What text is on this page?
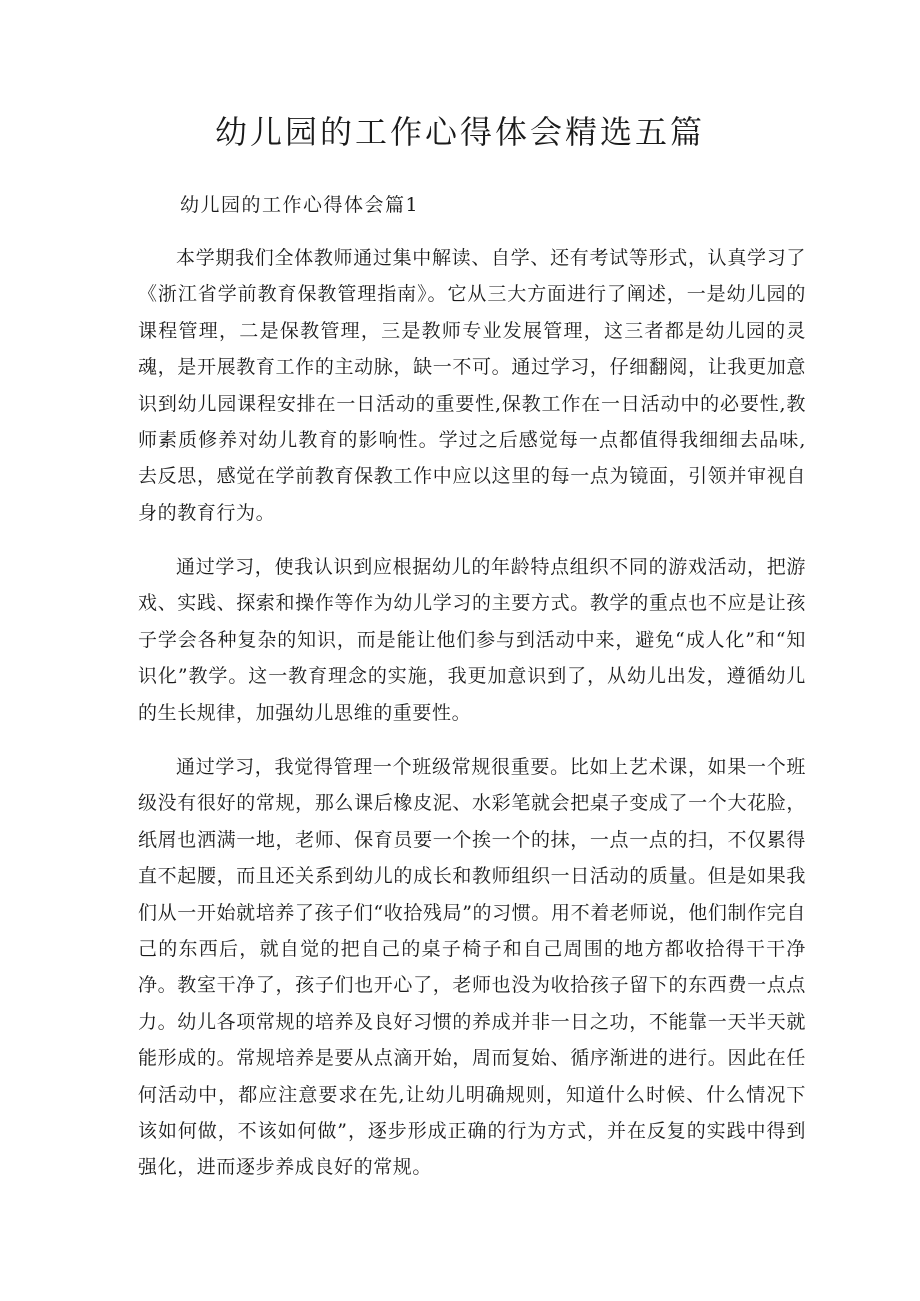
幼儿园的工作心得体会精选五篇
幼儿园的工作心得体会篇1

本学期我们全体教师通过集中解读、自学、还有考试等形式，认真学习了《浙江省学前教育保教管理指南》。它从三大方面进行了阐述，一是幼儿园的课程管理，二是保教管理，三是教师专业发展管理，这三者都是幼儿园的灵魂，是开展教育工作的主动脉，缺一不可。通过学习，仔细翻阅，让我更加意识到幼儿园课程安排在一日活动的重要性,保教工作在一日活动中的必要性,教师素质修养对幼儿教育的影响性。学过之后感觉每一点都值得我细细去品味,去反思，感觉在学前教育保教工作中应以这里的每一点为镜面，引领并审视自身的教育行为。

通过学习，使我认识到应根据幼儿的年龄特点组织不同的游戏活动，把游戏、实践、探索和操作等作为幼儿学习的主要方式。教学的重点也不应是让孩子学会各种复杂的知识，而是能让他们参与到活动中来，避免“成人化”和“知识化”教学。这一教育理念的实施，我更加意识到了，从幼儿出发，遵循幼儿的生长规律，加强幼儿思维的重要性。

通过学习，我觉得管理一个班级常规很重要。比如上艺术课，如果一个班级没有很好的常规，那么课后橡皮泥、水彩笔就会把桌子变成了一个大花脸，纸屑也洒满一地，老师、保育员要一个挨一个的抹，一点一点的扫，不仅累得直不起腰，而且还关系到幼儿的成长和教师组织一日活动的质量。但是如果我们从一开始就培养了孩子们“收拾残局”的习惯。用不着老师说，他们制作完自己的东西后，就自觉的把自己的桌子椅子和自己周围的地方都收拾得干干净净。教室干净了，孩子们也开心了，老师也没为收拾孩子留下的东西费一点点力。幼儿各项常规的培养及良好习惯的养成并非一日之功，不能靠一天半天就能形成的。常规培养是要从点滴开始，周而复始、循序渐进的进行。因此在任何活动中，都应注意要求在先,让幼儿明确规则，知道什么时候、什么情况下该如何做，不该如何做”，逐步形成正确的行为方式，并在反复的实践中得到强化，进而逐步养成良好的常规。
